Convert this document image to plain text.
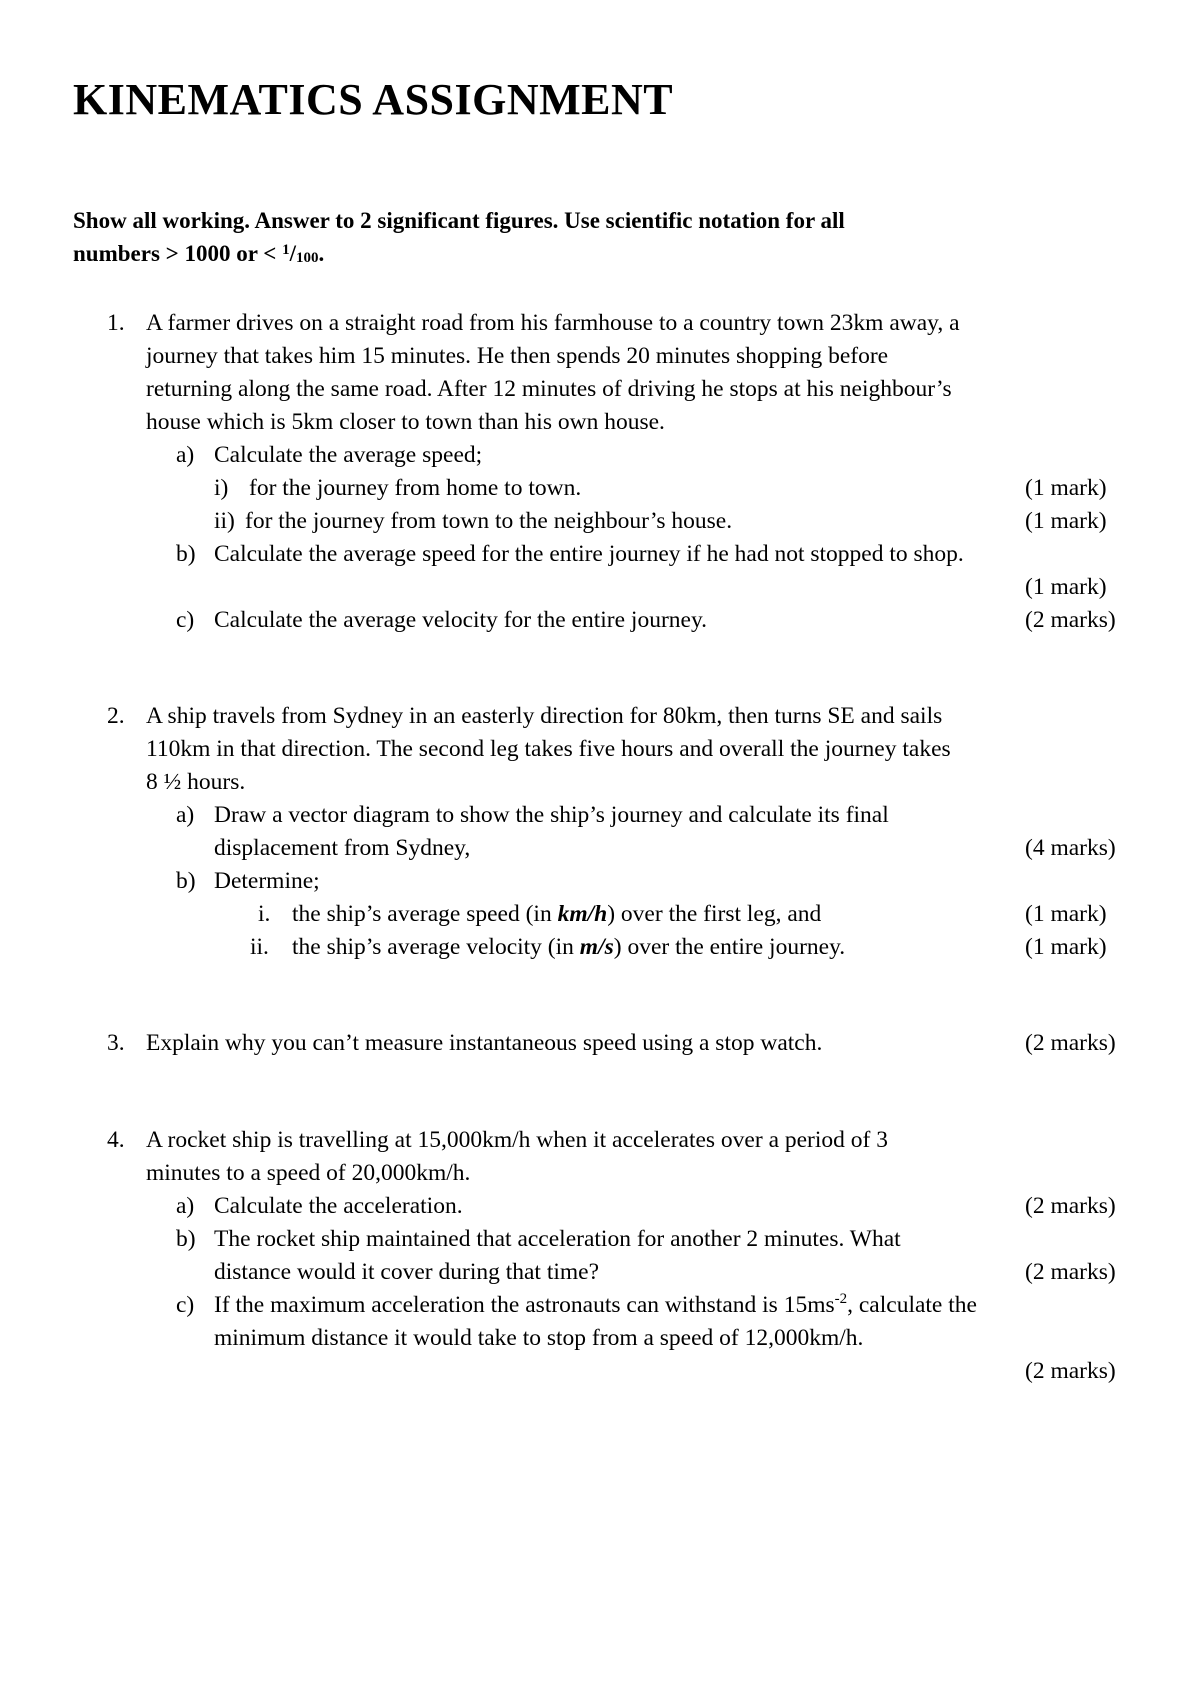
KINEMATICS ASSIGNMENT
Show all working. Answer to 2 significant figures. Use scientific notation for all
numbers > 1000 or < $^1/_{100}$.
1. A farmer drives on a straight road from his farmhouse to a country town 23km away, a
journey that takes him 15 minutes. He then spends 20 minutes shopping before
returning along the same road. After 12 minutes of driving he stops at his neighbour’s
house which is 5km closer to town than his own house.
a) Calculate the average speed;
i) for the journey from home to town.	(1 mark)
ii) for the journey from town to the neighbour’s house.	(1 mark)
b) Calculate the average speed for the entire journey if he had not stopped to shop.
(1 mark)
c) Calculate the average velocity for the entire journey.	(2 marks)
2. A ship travels from Sydney in an easterly direction for 80km, then turns SE and sails
110km in that direction. The second leg takes five hours and overall the journey takes
8 ½ hours.
a) Draw a vector diagram to show the ship’s journey and calculate its final
displacement from Sydney,	(4 marks)
b) Determine;
i. the ship’s average speed (in km/h) over the first leg, and	(1 mark)
ii. the ship’s average velocity (in m/s) over the entire journey.	(1 mark)
3. Explain why you can’t measure instantaneous speed using a stop watch.	(2 marks)
4. A rocket ship is travelling at 15,000km/h when it accelerates over a period of 3
minutes to a speed of 20,000km/h.
a) Calculate the acceleration.	(2 marks)
b) The rocket ship maintained that acceleration for another 2 minutes. What
distance would it cover during that time?	(2 marks)
c) If the maximum acceleration the astronauts can withstand is $15ms^{-2}$, calculate the
minimum distance it would take to stop from a speed of 12,000km/h.
(2 marks)
